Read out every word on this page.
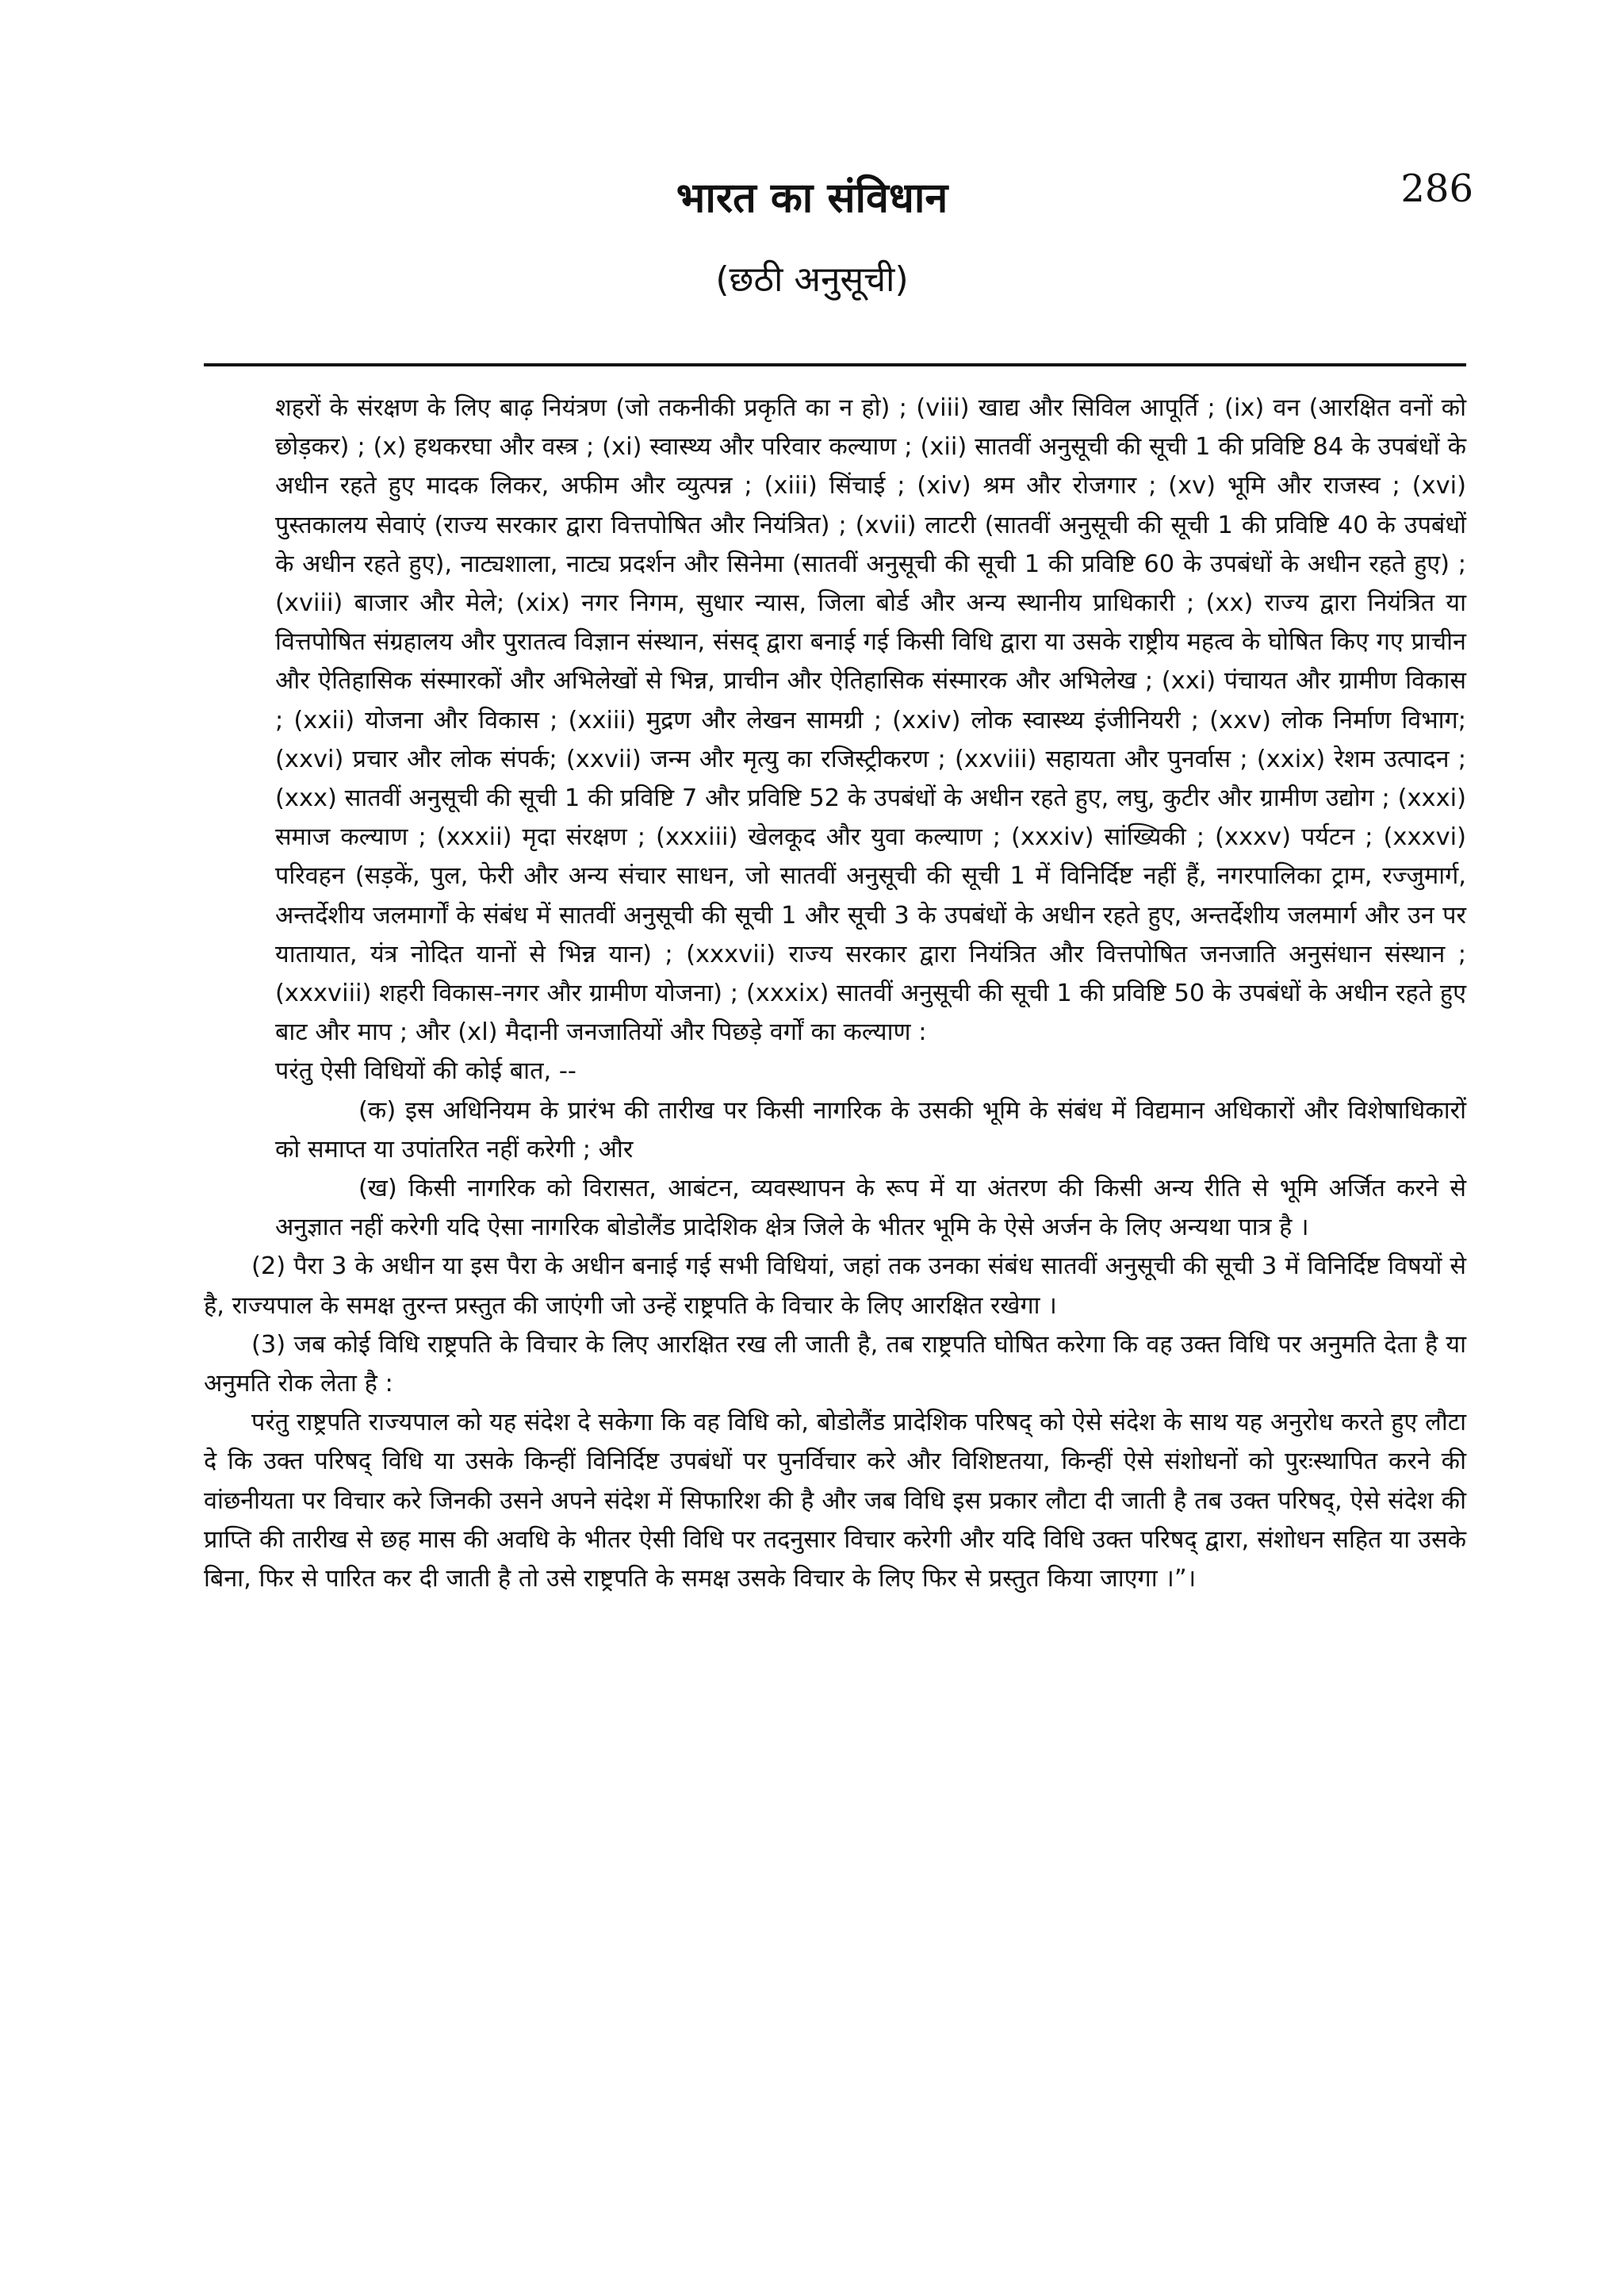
286
भारत का संविधान
(छठी अनुसूची)

शहरों के संरक्षण के लिए बाढ़ नियंत्रण (जो तकनीकी प्रकृति का न हो) ; (viii) खाद्य और सिविल आपूर्ति ; (ix) वन (आरक्षित वनों को छोड़कर) ; (x) हथकरघा और वस्त्र ; (xi) स्वास्थ्य और परिवार कल्याण ; (xii) सातवीं अनुसूची की सूची 1 की प्रविष्टि 84 के उपबंधों के अधीन रहते हुए मादक लिकर, अफीम और व्युत्पन्न ; (xiii) सिंचाई ; (xiv) श्रम और रोजगार ; (xv) भूमि और राजस्व ; (xvi) पुस्तकालय सेवाएं (राज्य सरकार द्वारा वित्तपोषित और नियंत्रित) ; (xvii) लाटरी (सातवीं अनुसूची की सूची 1 की प्रविष्टि 40 के उपबंधों के अधीन रहते हुए), नाट्यशाला, नाट्य प्रदर्शन और सिनेमा (सातवीं अनुसूची की सूची 1 की प्रविष्टि 60 के उपबंधों के अधीन रहते हुए) ; (xviii) बाजार और मेले; (xix) नगर निगम, सुधार न्यास, जिला बोर्ड और अन्य स्थानीय प्राधिकारी ; (xx) राज्य द्वारा नियंत्रित या वित्तपोषित संग्रहालय और पुरातत्व विज्ञान संस्थान, संसद् द्वारा बनाई गई किसी विधि द्वारा या उसके राष्ट्रीय महत्व के घोषित किए गए प्राचीन और ऐतिहासिक संस्मारकों और अभिलेखों से भिन्न, प्राचीन और ऐतिहासिक संस्मारक और अभिलेख ; (xxi) पंचायत और ग्रामीण विकास ; (xxii) योजना और विकास ; (xxiii) मुद्रण और लेखन सामग्री ; (xxiv) लोक स्वास्थ्य इंजीनियरी ; (xxv) लोक निर्माण विभाग; (xxvi) प्रचार और लोक संपर्क; (xxvii) जन्म और मृत्यु का रजिस्ट्रीकरण ; (xxviii) सहायता और पुनर्वास ; (xxix) रेशम उत्पादन ; (xxx) सातवीं अनुसूची की सूची 1 की प्रविष्टि 7 और प्रविष्टि 52 के उपबंधों के अधीन रहते हुए, लघु, कुटीर और ग्रामीण उद्योग ; (xxxi) समाज कल्याण ; (xxxii) मृदा संरक्षण ; (xxxiii) खेलकूद और युवा कल्याण ; (xxxiv) सांख्यिकी ; (xxxv) पर्यटन ; (xxxvi) परिवहन (सड़कें, पुल, फेरी और अन्य संचार साधन, जो सातवीं अनुसूची की सूची 1 में विनिर्दिष्ट नहीं हैं, नगरपालिका ट्राम, रज्जुमार्ग, अन्तर्देशीय जलमार्गों के संबंध में सातवीं अनुसूची की सूची 1 और सूची 3 के उपबंधों के अधीन रहते हुए, अन्तर्देशीय जलमार्ग और उन पर यातायात, यंत्र नोदित यानों से भिन्न यान) ; (xxxvii) राज्य सरकार द्वारा नियंत्रित और वित्तपोषित जनजाति अनुसंधान संस्थान ; (xxxviii) शहरी विकास-नगर और ग्रामीण योजना) ; (xxxix) सातवीं अनुसूची की सूची 1 की प्रविष्टि 50 के उपबंधों के अधीन रहते हुए बाट और माप ; और (xl) मैदानी जनजातियों और पिछड़े वर्गों का कल्याण :

परंतु ऐसी विधियों की कोई बात, --

(क) इस अधिनियम के प्रारंभ की तारीख पर किसी नागरिक के उसकी भूमि के संबंध में विद्यमान अधिकारों और विशेषाधिकारों को समाप्त या उपांतरित नहीं करेगी ; और

(ख) किसी नागरिक को विरासत, आबंटन, व्यवस्थापन के रूप में या अंतरण की किसी अन्य रीति से भूमि अर्जित करने से अनुज्ञात नहीं करेगी यदि ऐसा नागरिक बोडोलैंड प्रादेशिक क्षेत्र जिले के भीतर भूमि के ऐसे अर्जन के लिए अन्यथा पात्र है ।

(2) पैरा 3 के अधीन या इस पैरा के अधीन बनाई गई सभी विधियां, जहां तक उनका संबंध सातवीं अनुसूची की सूची 3 में विनिर्दिष्ट विषयों से है, राज्यपाल के समक्ष तुरन्त प्रस्तुत की जाएंगी जो उन्हें राष्ट्रपति के विचार के लिए आरक्षित रखेगा ।

(3) जब कोई विधि राष्ट्रपति के विचार के लिए आरक्षित रख ली जाती है, तब राष्ट्रपति घोषित करेगा कि वह उक्त विधि पर अनुमति देता है या अनुमति रोक लेता है :

परंतु राष्ट्रपति राज्यपाल को यह संदेश दे सकेगा कि वह विधि को, बोडोलैंड प्रादेशिक परिषद् को ऐसे संदेश के साथ यह अनुरोध करते हुए लौटा दे कि उक्त परिषद् विधि या उसके किन्हीं विनिर्दिष्ट उपबंधों पर पुनर्विचार करे और विशिष्टतया, किन्हीं ऐसे संशोधनों को पुरःस्थापित करने की वांछनीयता पर विचार करे जिनकी उसने अपने संदेश में सिफारिश की है और जब विधि इस प्रकार लौटा दी जाती है तब उक्त परिषद्, ऐसे संदेश की प्राप्ति की तारीख से छह मास की अवधि के भीतर ऐसी विधि पर तदनुसार विचार करेगी और यदि विधि उक्त परिषद् द्वारा, संशोधन सहित या उसके बिना, फिर से पारित कर दी जाती है तो उसे राष्ट्रपति के समक्ष उसके विचार के लिए फिर से प्रस्तुत किया जाएगा ।”।
